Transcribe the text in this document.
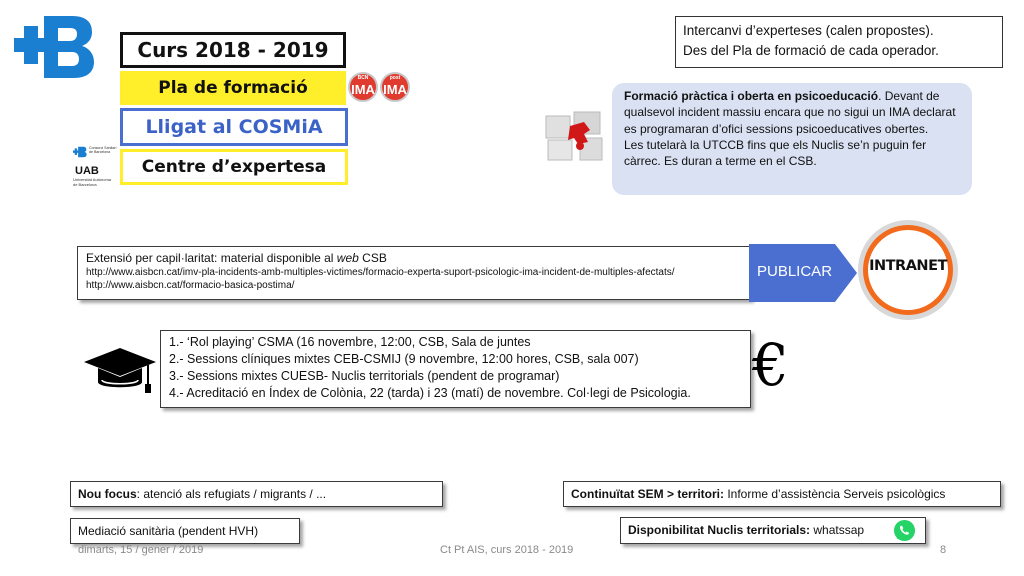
Curs 2018 - 2019
Pla de formació	BCN
IMA
post
IMA
Lligat al COSMiA
Consorci Sanitari
de Barcelona
UAB
Universitat Autònoma
de Barcelona
Centre d’expertesa
Intercanvi d’experteses (calen propostes).
Des del Pla de formació de cada operador.
Formació pràctica i oberta en psicoeducació. Devant de qualsevol incident massiu encara que no sigui un IMA declarat es programaran d’ofici sessions psicoeducatives obertes.
Les tutelarà la UTCCB fins que els Nuclis se’n puguin fer càrrec. Es duran a terme en el CSB.
Extensió per capil·laritat: material disponible al web CSB
http://www.aisbcn.cat/imv-pla-incidents-amb-multiples-victimes/formacio-experta-suport-psicologic-ima-incident-de-multiples-afectats/
http://www.aisbcn.cat/formacio-basica-postima/
PUBLICAR	INTRANET
1.- ‘Rol playing’ CSMA (16 novembre, 12:00, CSB, Sala de juntes
2.- Sessions clíniques mixtes CEB-CSMIJ (9 novembre, 12:00 hores, CSB, sala 007)
3.- Sessions mixtes CUESB- Nuclis territorials (pendent de programar)
4.- Acreditació en Índex de Colònia, 22 (tarda) i 23 (matí) de novembre. Col·legi de Psicologia.	€
Nou focus: atenció als refugiats / migrants / ...
Mediació sanitària (pendent HVH)
Continuïtat SEM > territori: Informe d’assistència Serveis psicològics
Disponibilitat Nuclis territorials: whatssap
dimarts, 15 / gener / 2019	Ct Pt AIS, curs 2018 - 2019	8
